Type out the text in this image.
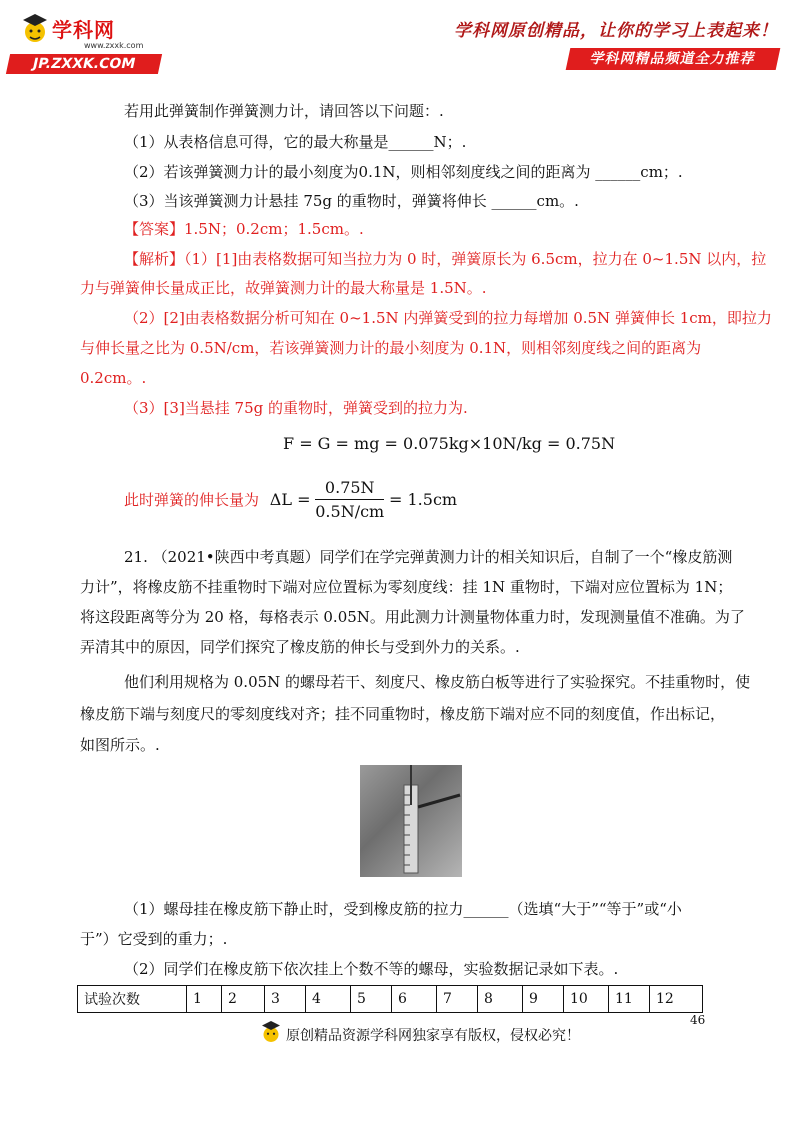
学科网
www.zxxk.com
JP.ZXXK.COM
学科网原创精品，让你的学习上表起来！
学科网精品频道全力推荐
若用此弹簧制作弹簧测力计，请回答以下问题：.
（1）从表格信息可得，它的最大称量是______N；.
（2）若该弹簧测力计的最小刻度为0.1N，则相邻刻度线之间的距离为 ______cm；.
（3）当该弹簧测力计悬挂 75g 的重物时，弹簧将伸长 ______cm。.
【答案】1.5N；0.2cm；1.5cm。.
【解析】（1）[1]由表格数据可知当拉力为 0 时，弹簧原长为 6.5cm，拉力在 0~1.5N 以内，拉
力与弹簧伸长量成正比，故弹簧测力计的最大称量是 1.5N。.
（2）[2]由表格数据分析可知在 0~1.5N 内弹簧受到的拉力每增加 0.5N 弹簧伸长 1cm，即拉力
与伸长量之比为 0.5N/cm，若该弹簧测力计的最小刻度为 0.1N，则相邻刻度线之间的距离为
0.2cm。.
（3）[3]当悬挂 75g 的重物时，弹簧受到的拉力为.
F = G = mg = 0.075kg×10N/kg = 0.75N
此时弹簧的伸长量为 $\Delta L = \frac{0.75N}{0.5N/cm} = 1.5cm$
21. （2021•陕西中考真题）同学们在学完弹黄测力计的相关知识后，自制了一个“橡皮筋测
力计”，将橡皮筋不挂重物时下端对应位置标为零刻度线：挂 1N 重物时，下端对应位置标为 1N；
将这段距离等分为 20 格，每格表示 0.05N。用此测力计测量物体重力时，发现测量值不准确。为了
弄清其中的原因，同学们探究了橡皮筋的伸长与受到外力的关系。.
他们利用规格为 0.05N 的螺母若干、刻度尺、橡皮筋白板等进行了实验探究。不挂重物时，使
橡皮筋下端与刻度尺的零刻度线对齐；挂不同重物时，橡皮筋下端对应不同的刻度值，作出标记，
如图所示。.
（1）螺母挂在橡皮筋下静止时，受到橡皮筋的拉力______（选填“大于”“等于”或“小
于”）它受到的重力；.
（2）同学们在橡皮筋下依次挂上个数不等的螺母，实验数据记录如下表。.
试验次数	1	2	3	4	5	6	7	8	9	10	11	12
46
原创精品资源学科网独家享有版权，侵权必究！
